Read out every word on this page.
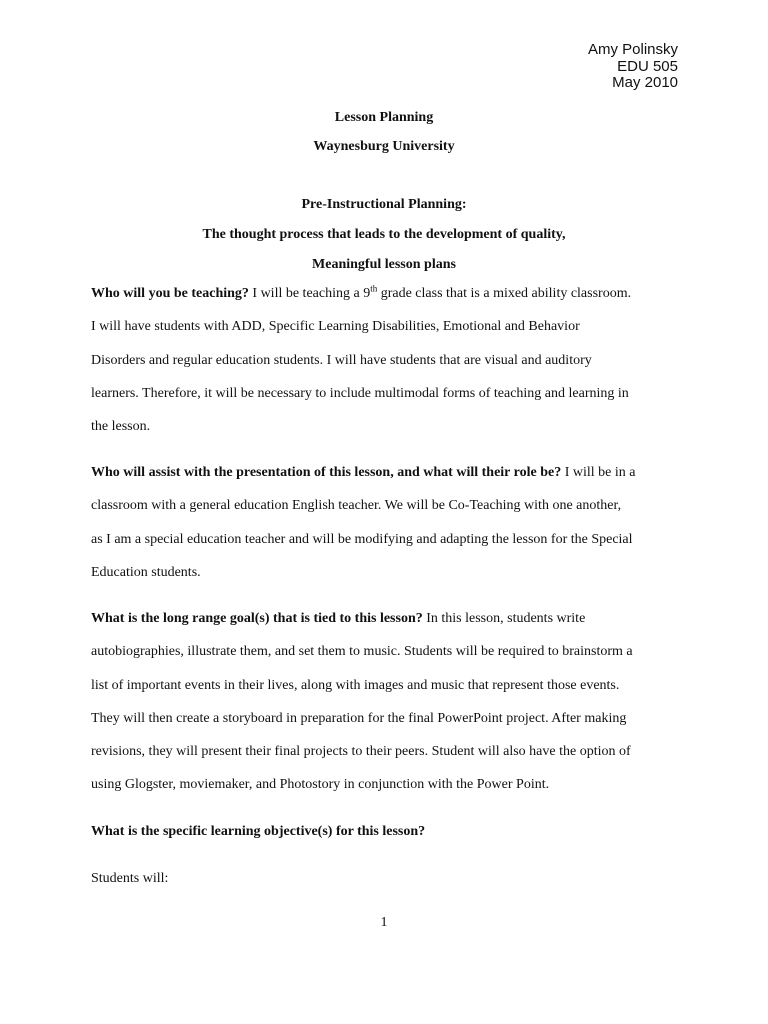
Amy Polinsky
EDU 505
May 2010
Lesson Planning
Waynesburg University
Pre-Instructional Planning:
The thought process that leads to the development of quality,
Meaningful lesson plans
Who will you be teaching? I will be teaching a 9th grade class that is a mixed ability classroom.
I will have students with ADD, Specific Learning Disabilities, Emotional and Behavior
Disorders and regular education students. I will have students that are visual and auditory
learners. Therefore, it will be necessary to include multimodal forms of teaching and learning in
the lesson.
Who will assist with the presentation of this lesson, and what will their role be? I will be in a
classroom with a general education English teacher. We will be Co-Teaching with one another,
as I am a special education teacher and will be modifying and adapting the lesson for the Special
Education students.
What is the long range goal(s) that is tied to this lesson? In this lesson, students write
autobiographies, illustrate them, and set them to music. Students will be required to brainstorm a
list of important events in their lives, along with images and music that represent those events.
They will then create a storyboard in preparation for the final PowerPoint project. After making
revisions, they will present their final projects to their peers. Student will also have the option of
using Glogster, moviemaker, and Photostory in conjunction with the Power Point.
What is the specific learning objective(s) for this lesson?
Students will:
1
